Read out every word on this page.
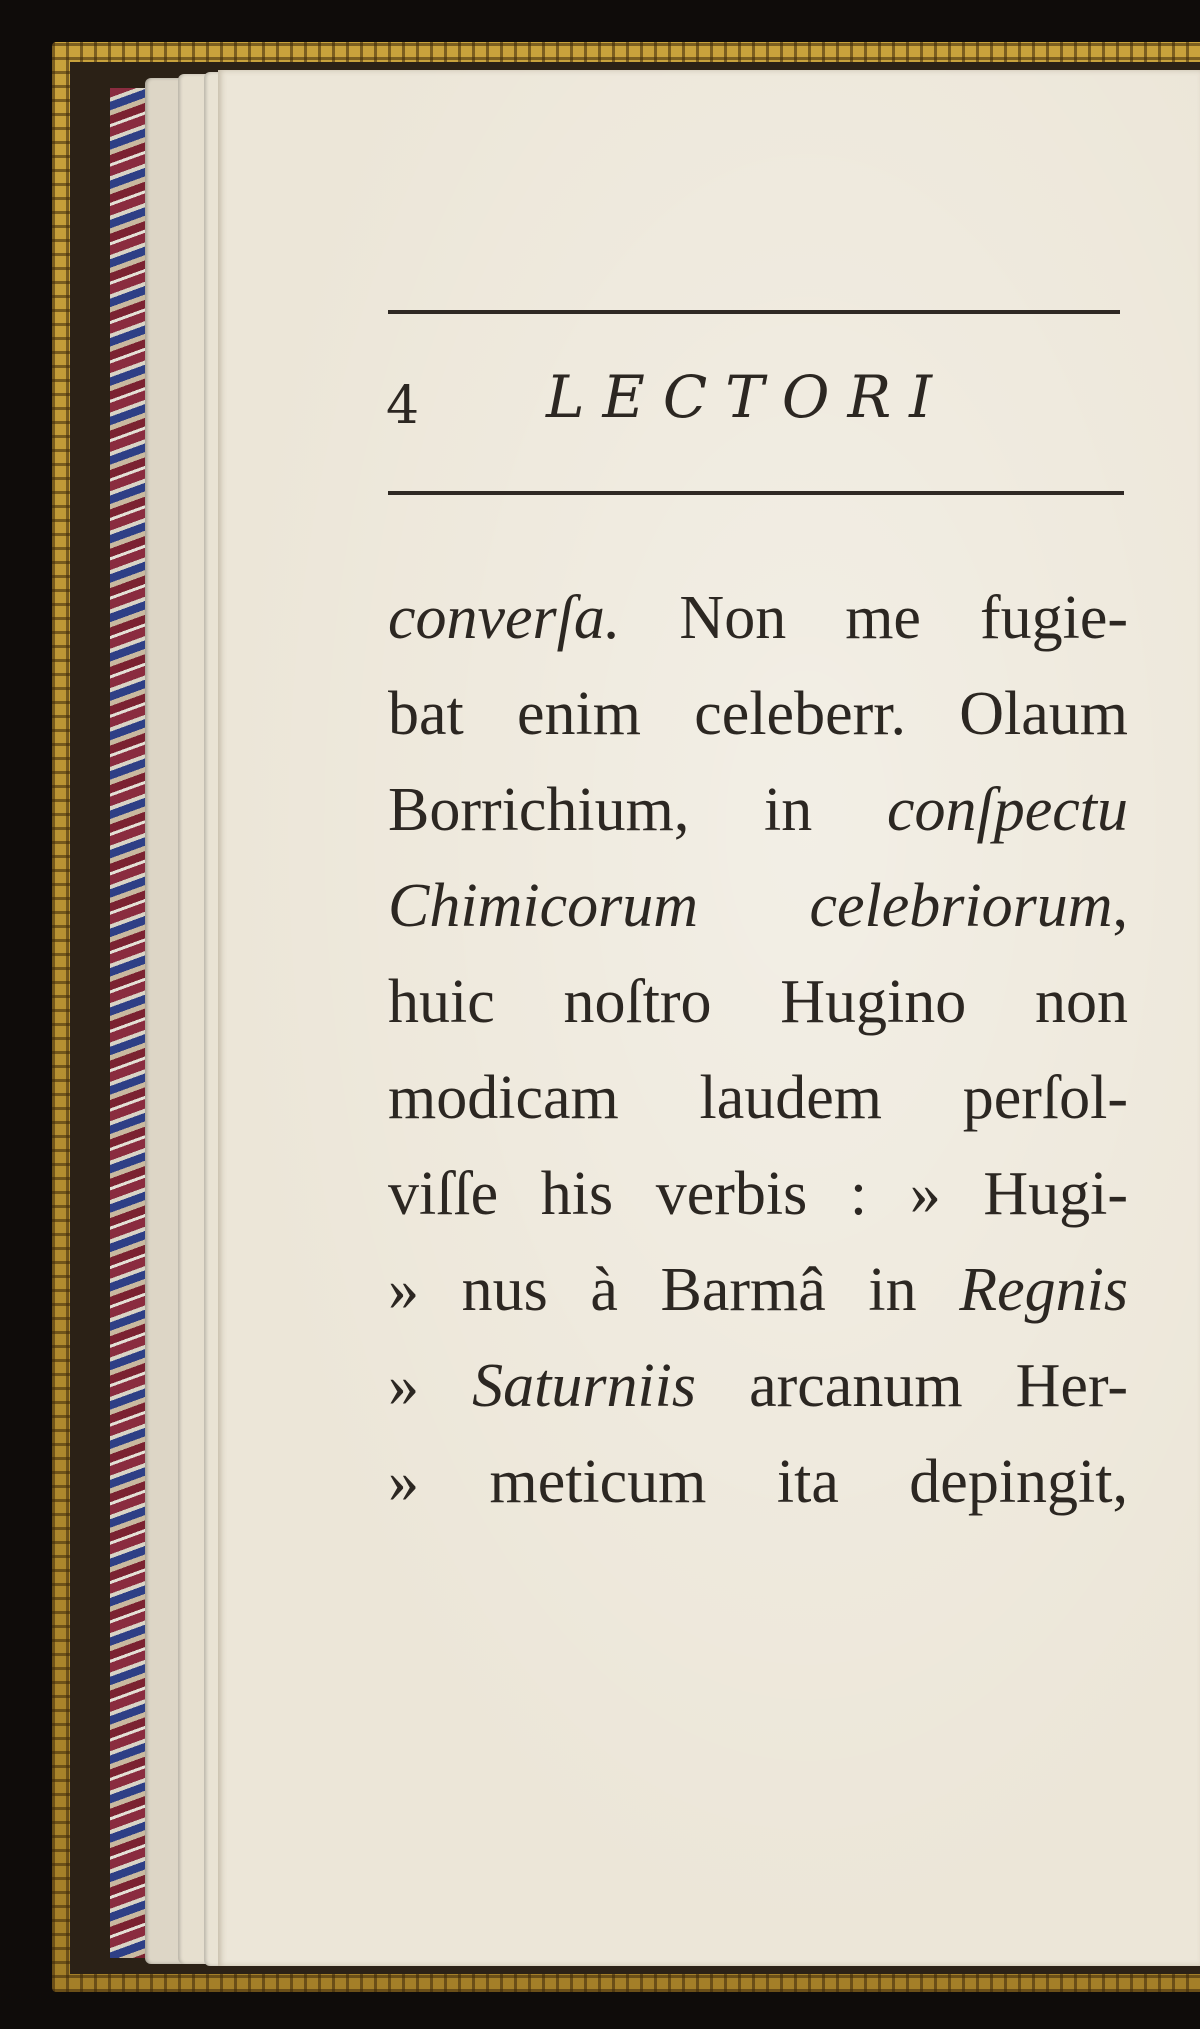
4 LECTORI
converſa. Non me fugie-
bat enim celeberr. Olaum
Borrichium, in conſpectu
Chimicorum celebriorum,
huic noſtro Hugino non
modicam laudem perſol-
viſſe his verbis : » Hugi-
» nus à Barmâ in Regnis
» Saturniis arcanum Her-
» meticum ita depingit,
